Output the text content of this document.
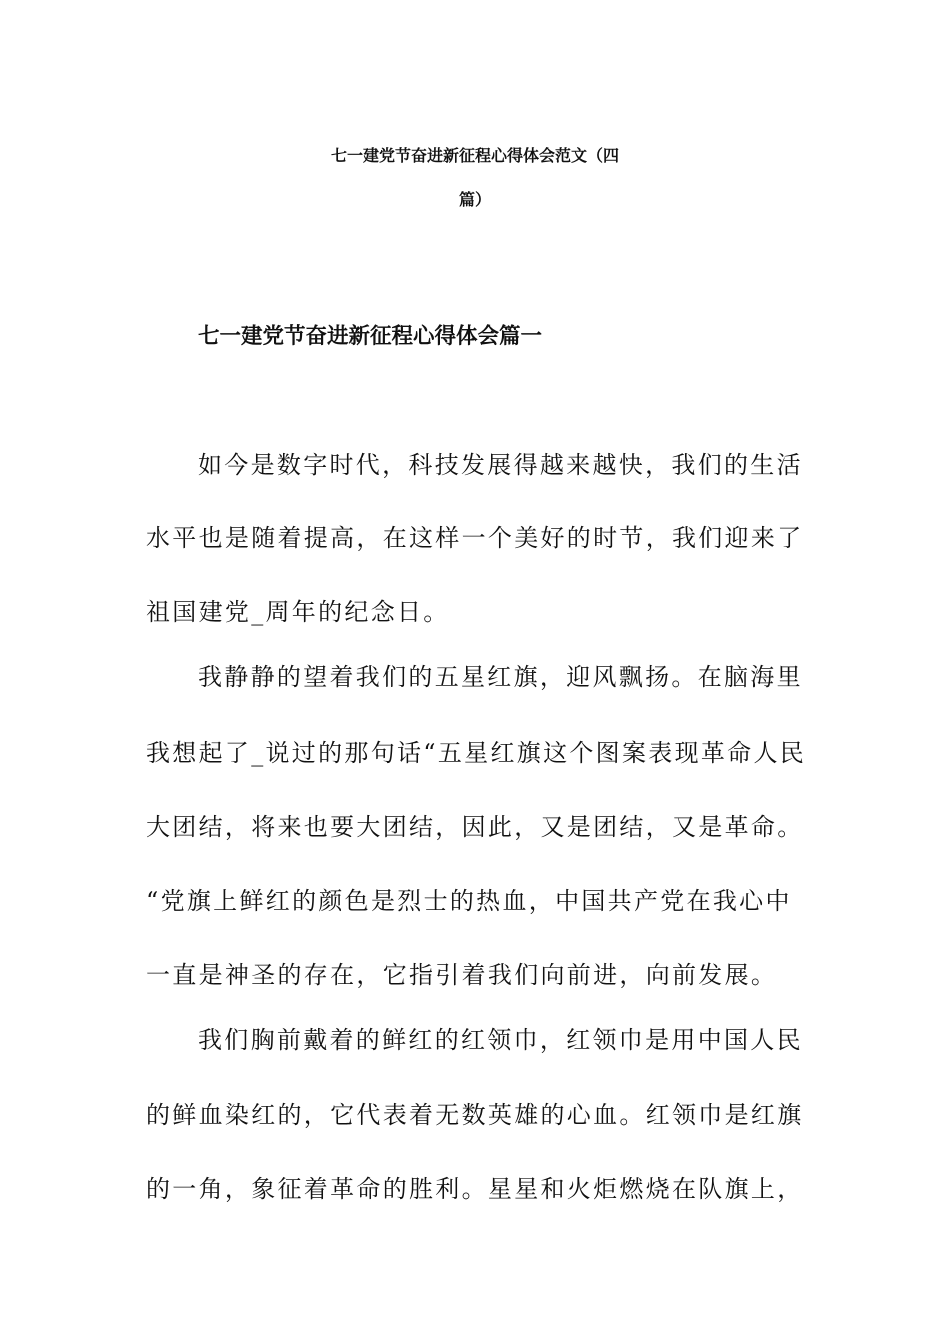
七一建党节奋进新征程心得体会范文（四
篇）
七一建党节奋进新征程心得体会篇一
如今是数字时代，科技发展得越来越快，我们的生活
水平也是随着提高，在这样一个美好的时节，我们迎来了
祖国建党_周年的纪念日。
我静静的望着我们的五星红旗，迎风飘扬。在脑海里
我想起了_说过的那句话“五星红旗这个图案表现革命人民
大团结，将来也要大团结，因此，又是团结，又是革命。
“党旗上鲜红的颜色是烈士的热血，中国共产党在我心中
一直是神圣的存在，它指引着我们向前进，向前发展。
我们胸前戴着的鲜红的红领巾，红领巾是用中国人民
的鲜血染红的，它代表着无数英雄的心血。红领巾是红旗
的一角，象征着革命的胜利。星星和火炬燃烧在队旗上，
